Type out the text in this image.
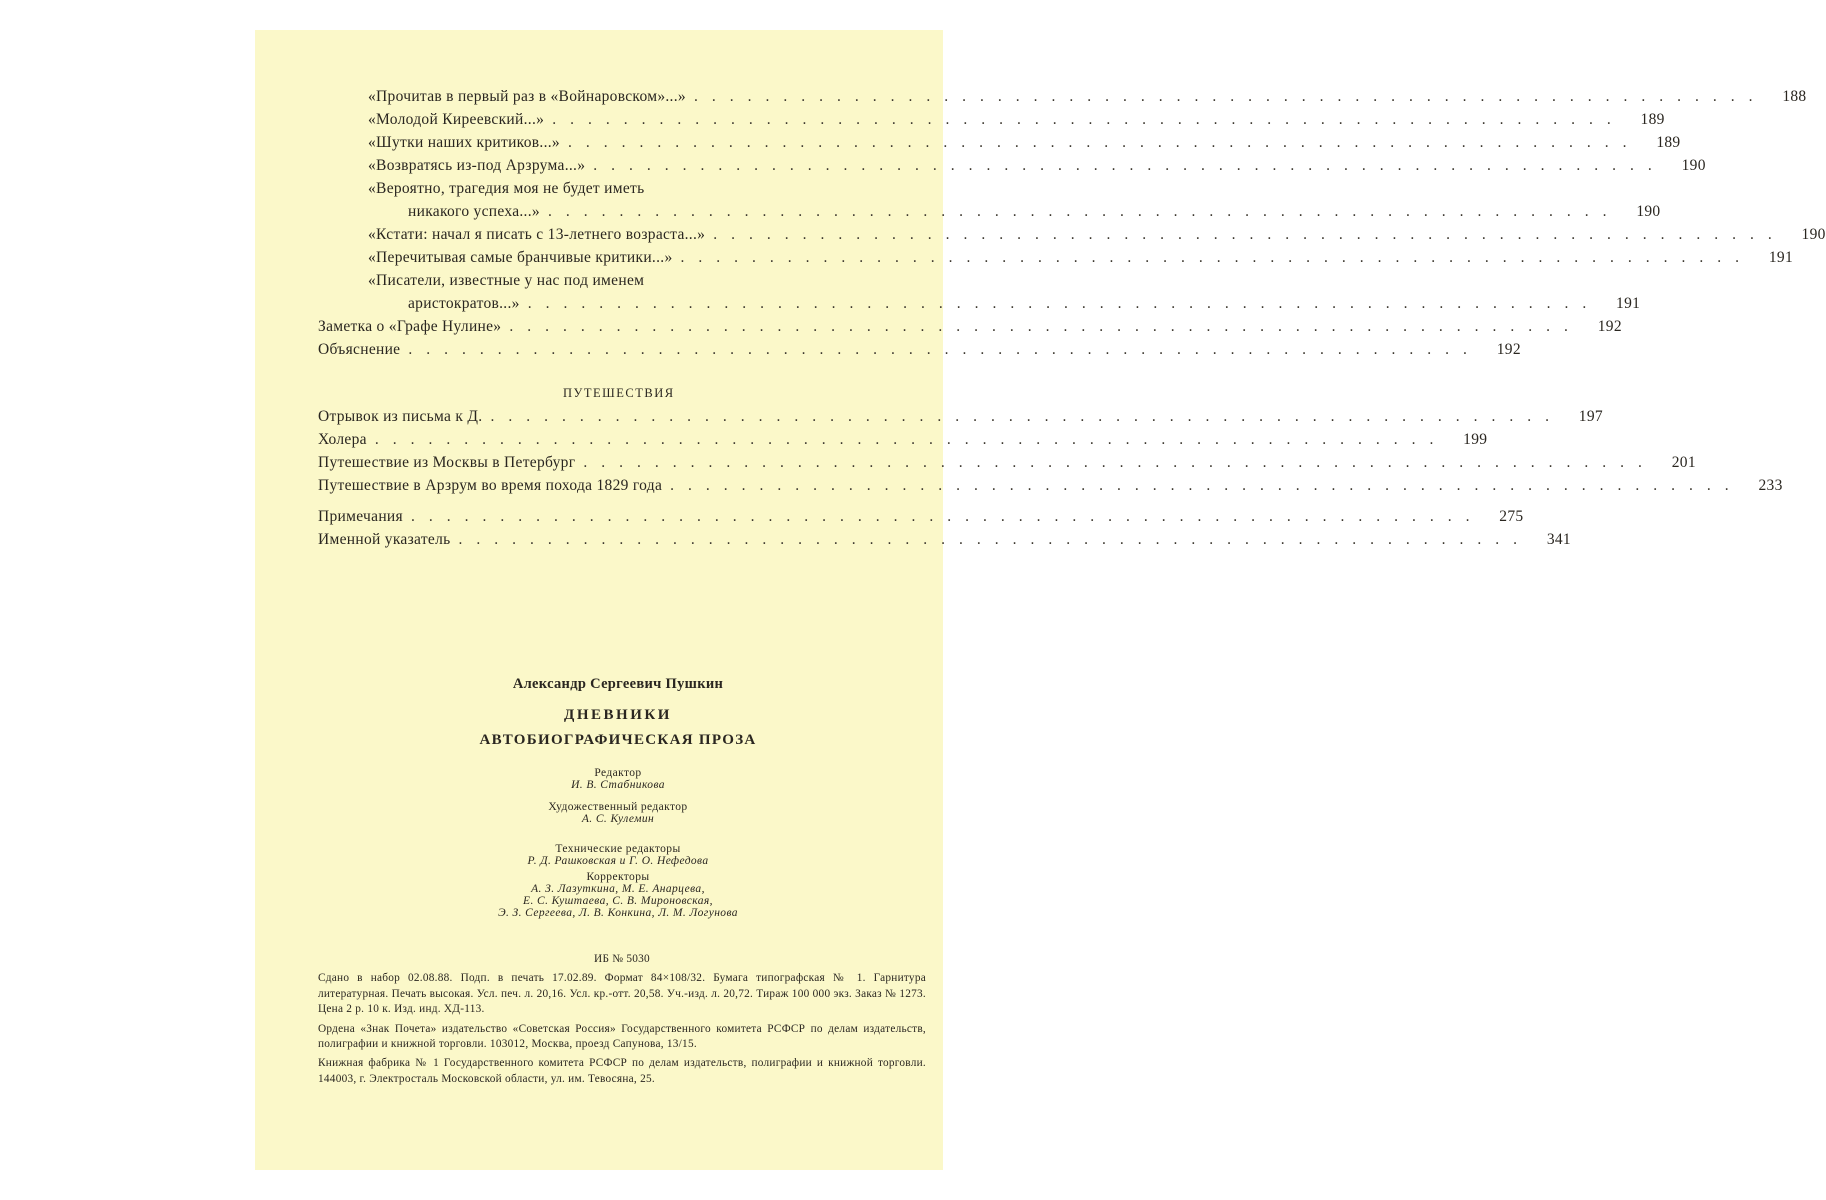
«Прочитав в первый раз в «Войнаровском»...» ............................................................	188
«Молодой Киреевский...» ............................................................	189
«Шутки наших критиков...» ............................................................	189
«Возвратясь из-под Арзрума...» ............................................................	190
«Вероятно, трагедия моя не будет иметь
никакого успеха...» ............................................................	190
«Кстати: начал я писать с 13-летнего возраста...» ............................................................	190
«Перечитывая самые бранчивые критики...» ............................................................	191
«Писатели, известные у нас под именем
аристократов...» ............................................................	191
Заметка о «Графе Нулине» ............................................................	192
Объяснение ............................................................	192
ПУТЕШЕСТВИЯ
Отрывок из письма к Д. ............................................................	197
Холера ............................................................	199
Путешествие из Москвы в Петербург ............................................................	201
Путешествие в Арзрум во время похода 1829 года ............................................................	233
Примечания ............................................................	275
Именной указатель ............................................................	341
Александр Сергеевич Пушкин
ДНЕВНИКИ
АВТОБИОГРАФИЧЕСКАЯ ПРОЗА
Редактор
И. В. Стабникова
Художественный редактор
А. С. Кулемин
Технические редакторы
Р. Д. Рашковская и Г. О. Нефедова
Корректоры
А. З. Лазуткина, М. Е. Анарцева,
Е. С. Куштаева, С. В. Мироновская,
Э. З. Сергеева, Л. В. Конкина, Л. М. Логунова

ИБ № 5030

Сдано в набор 02.08.88. Подп. в печать 17.02.89. Формат 84×108/32. Бумага типографская № 1. Гарнитура литературная. Печать высокая. Усл. печ. л. 20,16. Усл. кр.-отт. 20,58. Уч.-изд. л. 20,72. Тираж 100 000 экз. Заказ № 1273. Цена 2 р. 10 к. Изд. инд. ХД-113.

Ордена «Знак Почета» издательство «Советская Россия» Государственного комитета РСФСР по делам издательств, полиграфии и книжной торговли. 103012, Москва, проезд Сапунова, 13/15.

Книжная фабрика № 1 Государственного комитета РСФСР по делам издательств, полиграфии и книжной торговли. 144003, г. Электросталь Московской области, ул. им. Тевосяна, 25.
